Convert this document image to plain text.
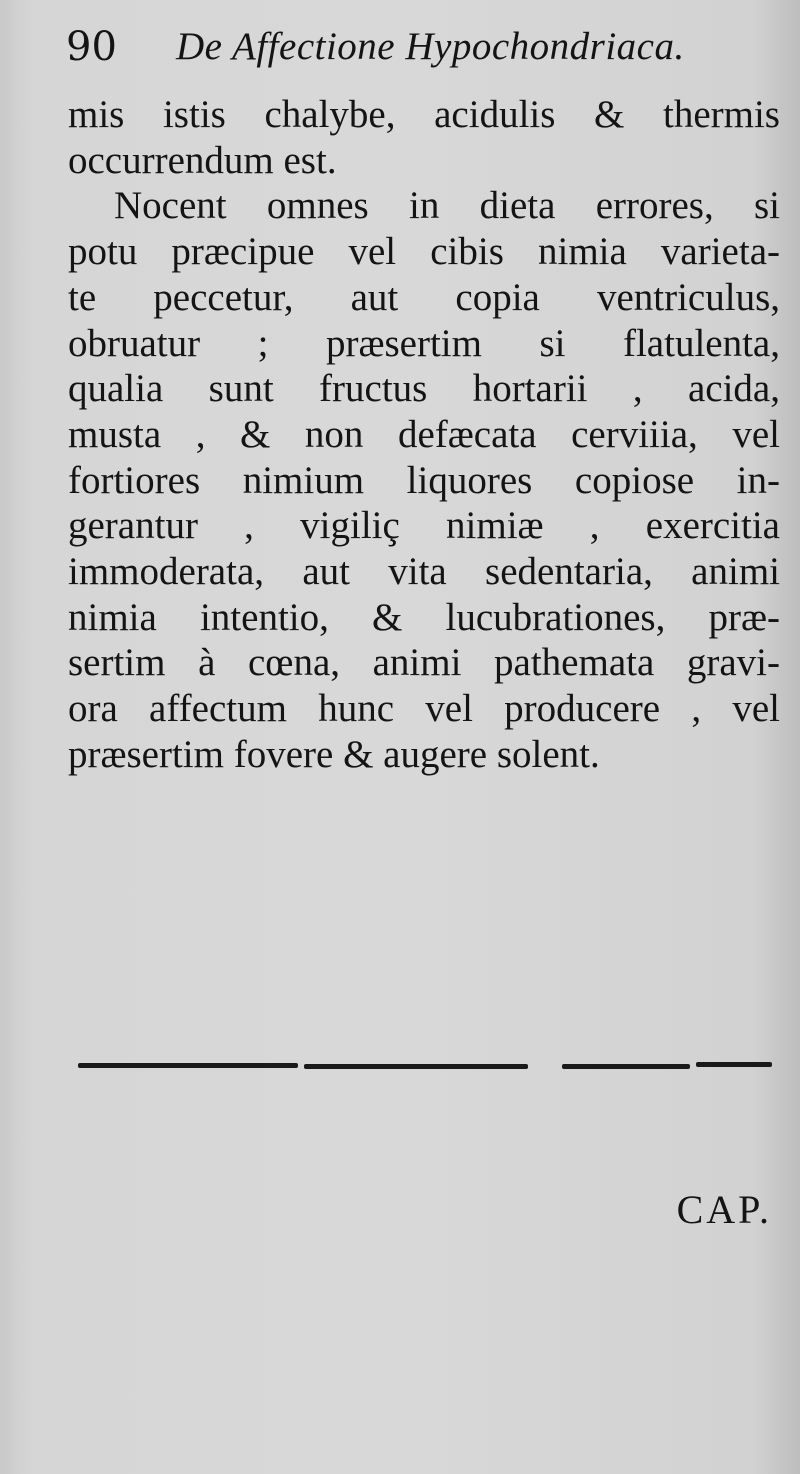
90 De Affectione Hypochondriaca.
mis istis chalybe, acidulis & thermis
occurrendum est.
Nocent omnes in dieta errores, si
potu præcipue vel cibis nimia varieta-
te peccetur, aut copia ventriculus,
obruatur ; præsertim si flatulenta,
qualia sunt fructus hortarii , acida,
musta , & non defæcata cerviiia, vel
fortiores nimium liquores copiose in-
gerantur , vigiliç nimiæ , exercitia
immoderata, aut vita sedentaria, animi
nimia intentio, & lucubrationes, præ-
sertim à cœna, animi pathemata gravi-
ora affectum hunc vel producere , vel
præsertim fovere & augere solent.
CAP.
